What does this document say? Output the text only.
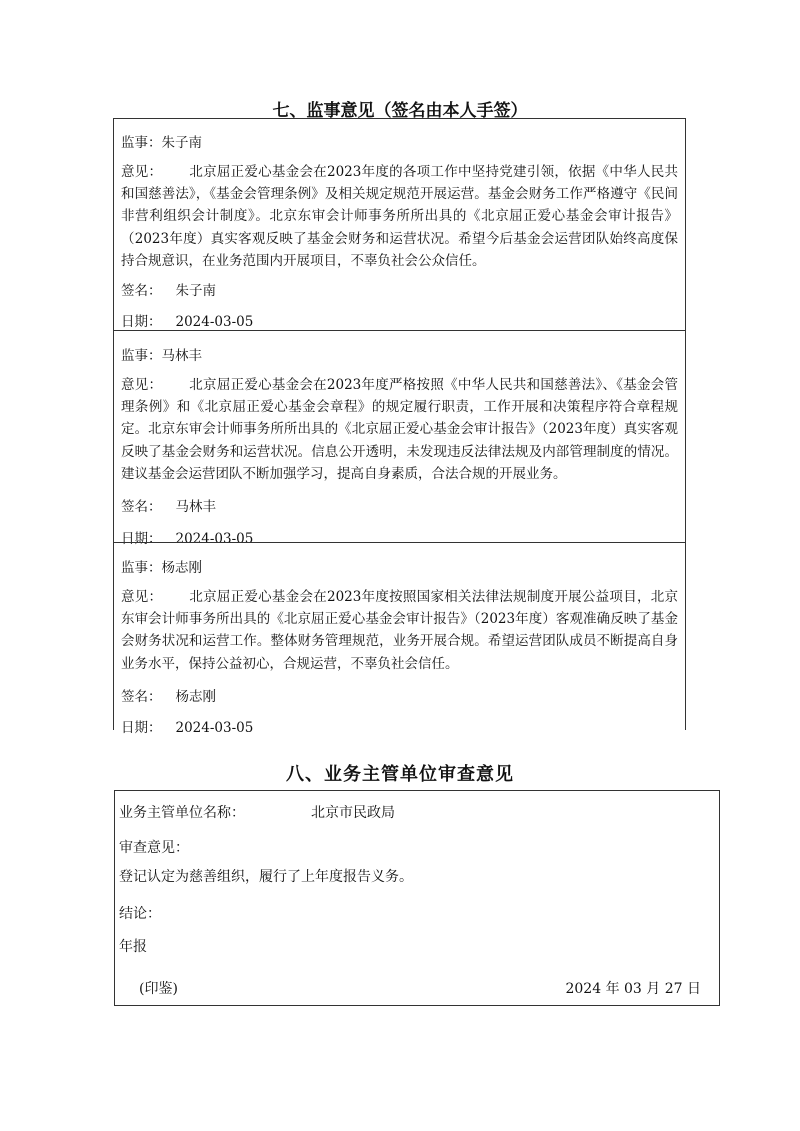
七、监事意见（签名由本人手签）
监事：朱子南
意见： 北京屈正爱心基金会在2023年度的各项工作中坚持党建引领，依据《中华人民共和国慈善法》，《基金会管理条例》及相关规定规范开展运营。基金会财务工作严格遵守《民间非营利组织会计制度》。北京东审会计师事务所所出具的《北京屈正爱心基金会审计报告》（2023年度）真实客观反映了基金会财务和运营状况。希望今后基金会运营团队始终高度保持合规意识，在业务范围内开展项目，不辜负社会公众信任。
签名： 朱子南
日期： 2024-03-05
监事：马林丰
意见： 北京屈正爱心基金会在2023年度严格按照《中华人民共和国慈善法》、《基金会管理条例》和《北京屈正爱心基金会章程》的规定履行职责，工作开展和决策程序符合章程规定。北京东审会计师事务所所出具的《北京屈正爱心基金会审计报告》（2023年度）真实客观反映了基金会财务和运营状况。信息公开透明，未发现违反法律法规及内部管理制度的情况。建议基金会运营团队不断加强学习，提高自身素质，合法合规的开展业务。
签名： 马林丰
日期： 2024-03-05
监事：杨志刚
意见： 北京屈正爱心基金会在2023年度按照国家相关法律法规制度开展公益项目，北京东审会计师事务所出具的《北京屈正爱心基金会审计报告》（2023年度）客观准确反映了基金会财务状况和运营工作。整体财务管理规范，业务开展合规。希望运营团队成员不断提高自身业务水平，保持公益初心，合规运营，不辜负社会信任。
签名： 杨志刚
日期： 2024-03-05
八、业务主管单位审查意见
业务主管单位名称：	北京市民政局
审查意见：
登记认定为慈善组织，履行了上年度报告义务。
结论：
年报
(印鉴)	2024 年 03 月 27 日
